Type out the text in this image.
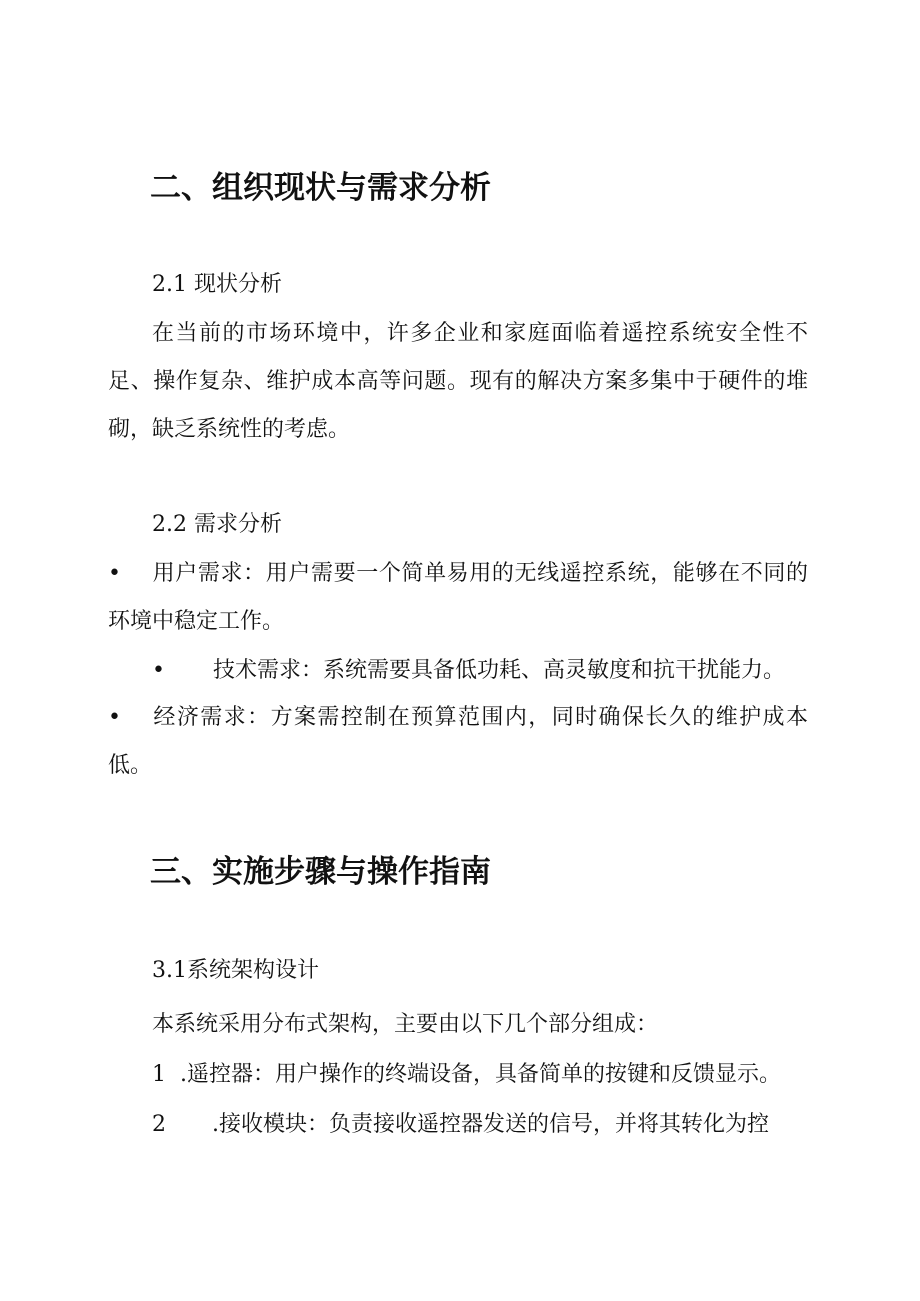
二、组织现状与需求分析
2.1 现状分析
在当前的市场环境中，许多企业和家庭面临着遥控系统安全性不足、操作复杂、维护成本高等问题。现有的解决方案多集中于硬件的堆砌，缺乏系统性的考虑。
2.2 需求分析
• 用户需求：用户需要一个简单易用的无线遥控系统，能够在不同的环境中稳定工作。
• 技术需求：系统需要具备低功耗、高灵敏度和抗干扰能力。
• 经济需求：方案需控制在预算范围内，同时确保长久的维护成本低。
三、实施步骤与操作指南
3.1系统架构设计
本系统采用分布式架构，主要由以下几个部分组成：
1 .遥控器：用户操作的终端设备，具备简单的按键和反馈显示。
2 .接收模块：负责接收遥控器发送的信号，并将其转化为控
